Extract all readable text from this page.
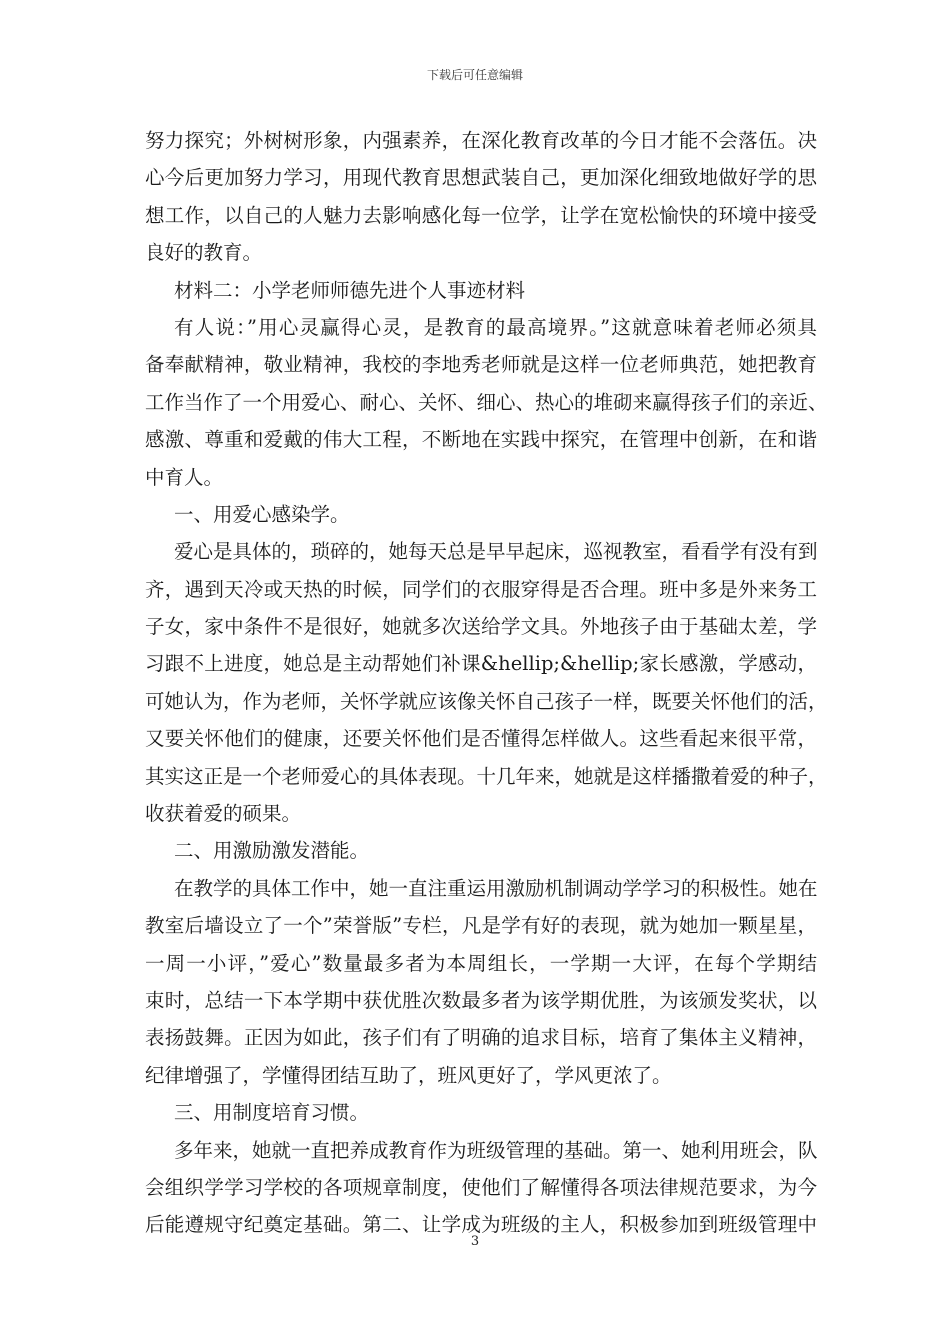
下载后可任意编辑
努力探究；外树树形象，内强素养，在深化教育改革的今日才能不会落伍。决
心今后更加努力学习，用现代教育思想武装自己，更加深化细致地做好学的思
想工作，以自己的人魅力去影响感化每一位学，让学在宽松愉快的环境中接受
良好的教育。
材料二：小学老师师德先进个人事迹材料
有人说：”用心灵赢得心灵，是教育的最高境界。”这就意味着老师必须具
备奉献精神，敬业精神，我校的李地秀老师就是这样一位老师典范，她把教育
工作当作了一个用爱心、耐心、关怀、细心、热心的堆砌来赢得孩子们的亲近、
感激、尊重和爱戴的伟大工程，不断地在实践中探究，在管理中创新，在和谐
中育人。
一、用爱心感染学。
爱心是具体的，琐碎的，她每天总是早早起床，巡视教室，看看学有没有到
齐，遇到天冷或天热的时候，同学们的衣服穿得是否合理。班中多是外来务工
子女，家中条件不是很好，她就多次送给学文具。外地孩子由于基础太差，学
习跟不上进度，她总是主动帮她们补课&hellip;&hellip;家长感激，学感动，
可她认为，作为老师，关怀学就应该像关怀自己孩子一样，既要关怀他们的活，
又要关怀他们的健康，还要关怀他们是否懂得怎样做人。这些看起来很平常，
其实这正是一个老师爱心的具体表现。十几年来，她就是这样播撒着爱的种子，
收获着爱的硕果。
二、用激励激发潜能。
在教学的具体工作中，她一直注重运用激励机制调动学学习的积极性。她在
教室后墙设立了一个”荣誉版”专栏，凡是学有好的表现，就为她加一颗星星，
一周一小评，”爱心”数量最多者为本周组长，一学期一大评，在每个学期结
束时，总结一下本学期中获优胜次数最多者为该学期优胜，为该颁发奖状，以
表扬鼓舞。正因为如此，孩子们有了明确的追求目标，培育了集体主义精神，
纪律增强了，学懂得团结互助了，班风更好了，学风更浓了。
三、用制度培育习惯。
多年来，她就一直把养成教育作为班级管理的基础。第一、她利用班会，队
会组织学学习学校的各项规章制度，使他们了解懂得各项法律规范要求，为今
后能遵规守纪奠定基础。第二、让学成为班级的主人，积极参加到班级管理中
3
